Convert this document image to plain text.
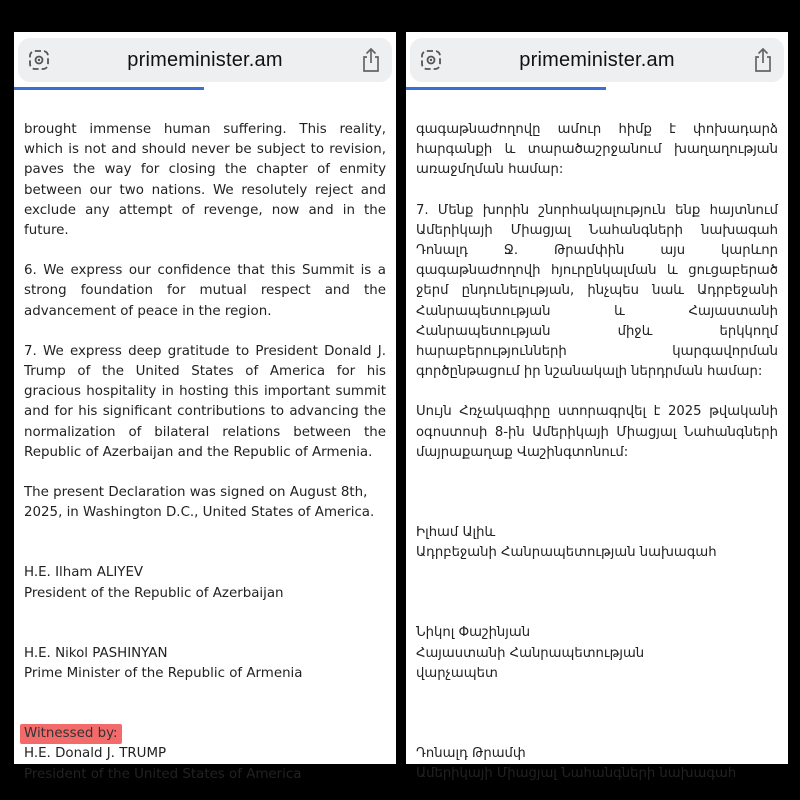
primeminister.am

brought immense human suffering. This reality, which is not and should never be subject to revision, paves the way for closing the chapter of enmity between our two nations. We resolutely reject and exclude any attempt of revenge, now and in the future.

6. We express our confidence that this Summit is a strong foundation for mutual respect and the advancement of peace in the region.

7. We express deep gratitude to President Donald J. Trump of the United States of America for his gracious hospitality in hosting this important summit and for his significant contributions to advancing the normalization of bilateral relations between the Republic of Azerbaijan and the Republic of Armenia.

The present Declaration was signed on August 8th, 2025, in Washington D.C., United States of America.

H.E. Ilham ALIYEV

President of the Republic of Azerbaijan

H.E. Nikol PASHINYAN

Prime Minister of the Republic of Armenia

Witnessed by:

H.E. Donald J. TRUMP

President of the United States of America

primeminister.am

գագաթնաժողովը ամուր հիմք է փոխադարձ հարգանքի և տարածաշրջանում խաղաղության առաջմղման համար:

7. Մենք խորին շնորհակալություն ենք հայտնում Ամերիկայի Միացյալ Նահանգների նախագահ Դոնալդ Ջ. Թրամփին այս կարևոր գագաթնաժողովի հյուրընկալման և ցուցաբերած ջերմ ընդունելության, ինչպես նաև Ադրբեջանի Հանրապետության և Հայաստանի Հանրապետության միջև երկկողմ հարաբերությունների կարգավորման գործընթացում իր նշանակալի ներդրման համար:

Սույն Հռչակագիրը ստորագրվել է 2025 թվականի օգոստոսի 8-ին Ամերիկայի Միացյալ Նահանգների մայրաքաղաք Վաշինգտոնում:

Իլհամ Ալիև

Ադրբեջանի Հանրապետության նախագահ

Նիկոլ Փաշինյան

Հայաստանի Հանրապետության

վարչապետ

Դոնալդ Թրամփ

Ամերիկայի Միացյալ Նահանգների նախագահ
